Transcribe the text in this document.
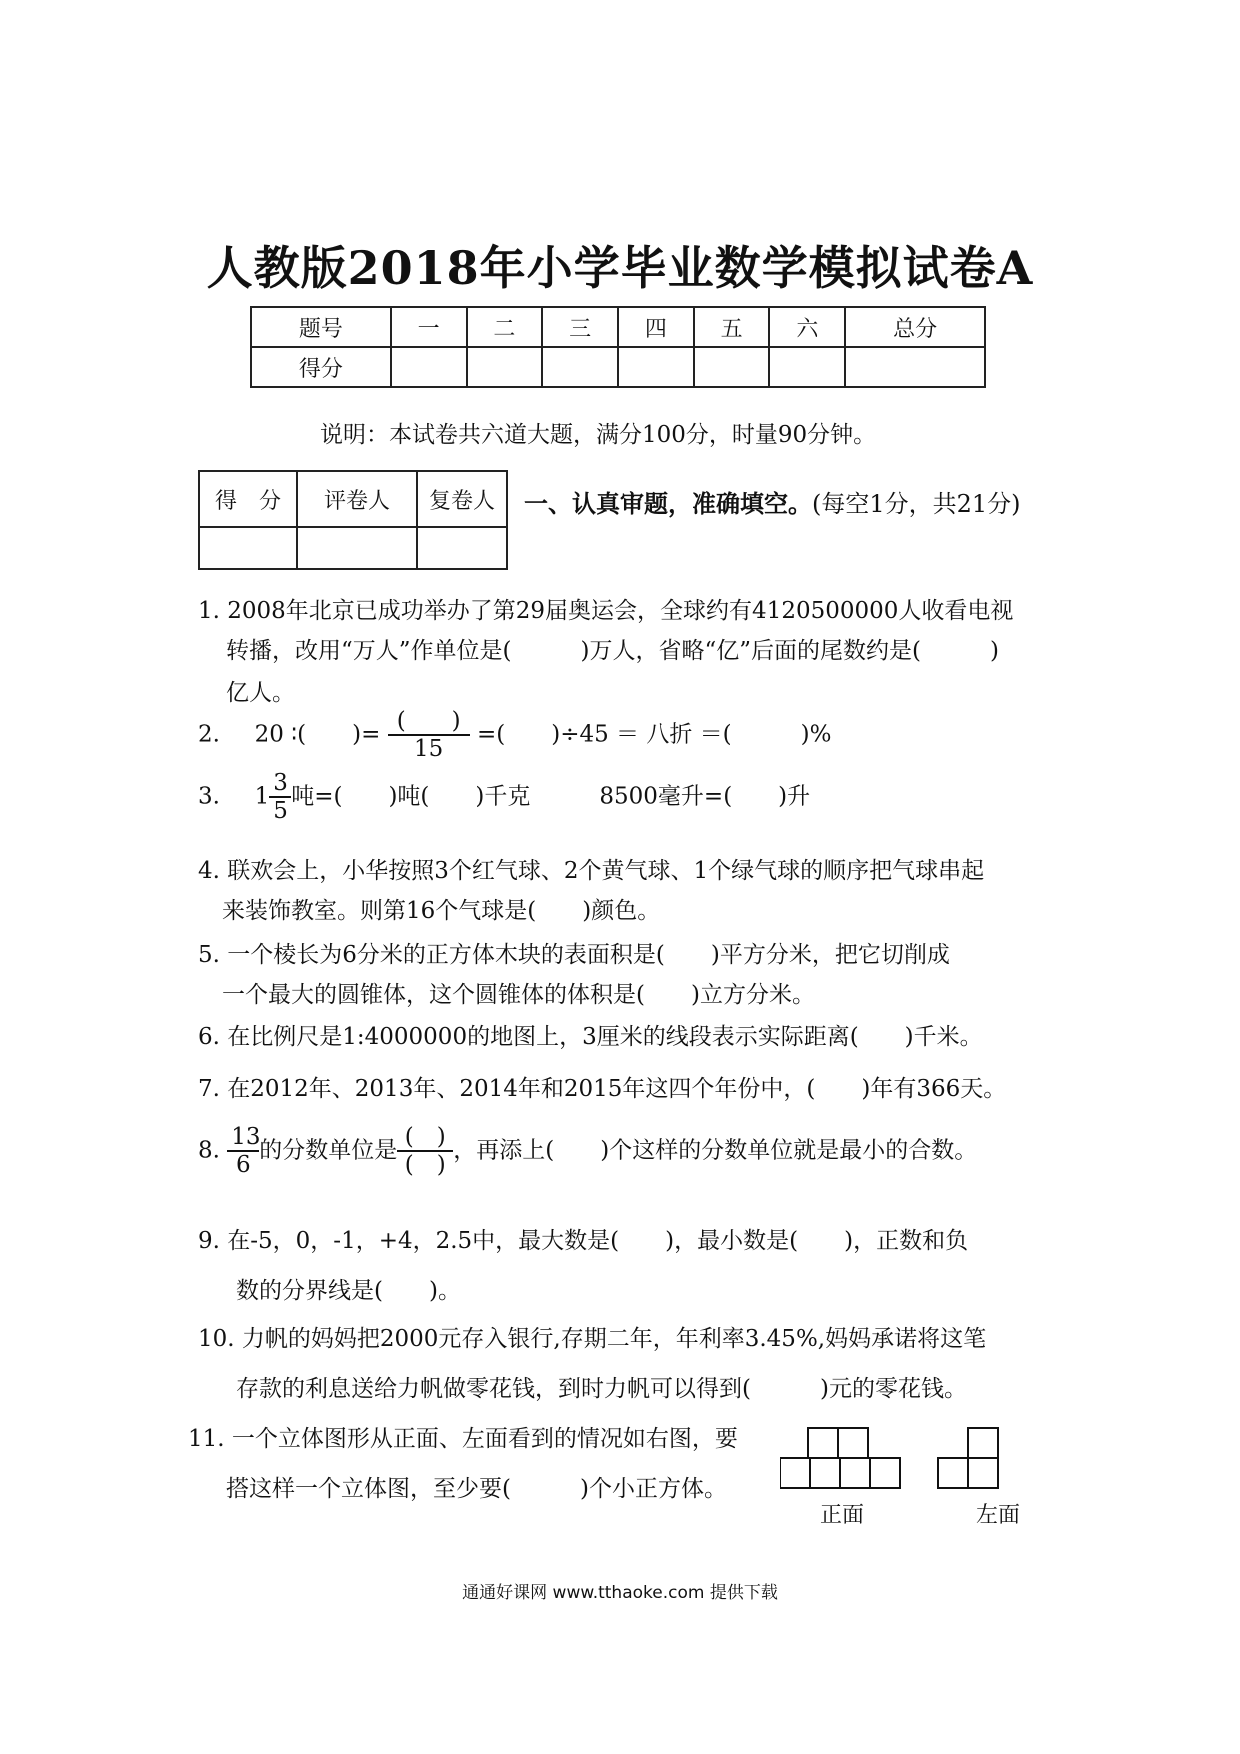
人教版2018年小学毕业数学模拟试卷A
题号	一	二	三	四	五	六	总分
得分							
说明：本试卷共六道大题，满分100分，时量90分钟。
得　分	评卷人	复卷人
		一、认真审题，准确填空。(每空1分，共21分)
1. 2008年北京已成功举办了第29届奥运会，全球约有4120500000人收看电视
转播，改用“万人”作单位是(　　　)万人，省略“亿”后面的尾数约是(　　　)
亿人。
2. 20 ∶(　　)= $\frac{( )}{15}$ =(　　)÷45 ＝ 八折 ＝(　　　)%
3. $1 \frac{3}{5}$ 吨=(　　)吨(　　)千克　　　8500毫升=(　　)升
4. 联欢会上，小华按照3个红气球、2个黄气球、1个绿气球的顺序把气球串起
来装饰教室。则第16个气球是(　　)颜色。
5. 一个棱长为6分米的正方体木块的表面积是(　　)平方分米，把它切削成
一个最大的圆锥体，这个圆锥体的体积是(　　)立方分米。
6. 在比例尺是1:4000000的地图上，3厘米的线段表示实际距离(　　)千米。
7. 在2012年、2013年、2014年和2015年这四个年份中，(　　)年有366天。
8. $\frac{13}{6}$ 的分数单位是 $\frac{( )}{( )}$ ，再添上(　　)个这样的分数单位就是最小的合数。
9. 在-5，0，-1，+4，2.5中，最大数是(　　)，最小数是(　　)，正数和负
数的分界线是(　　)。
10. 力帆的妈妈把2000元存入银行,存期二年，年利率3.45%,妈妈承诺将这笔
存款的利息送给力帆做零花钱，到时力帆可以得到(　　　)元的零花钱。
11. 一个立体图形从正面、左面看到的情况如右图，要
搭这样一个立体图，至少要(　　　)个小正方体。
正面	左面
通通好课网 www.tthaoke.com 提供下载
